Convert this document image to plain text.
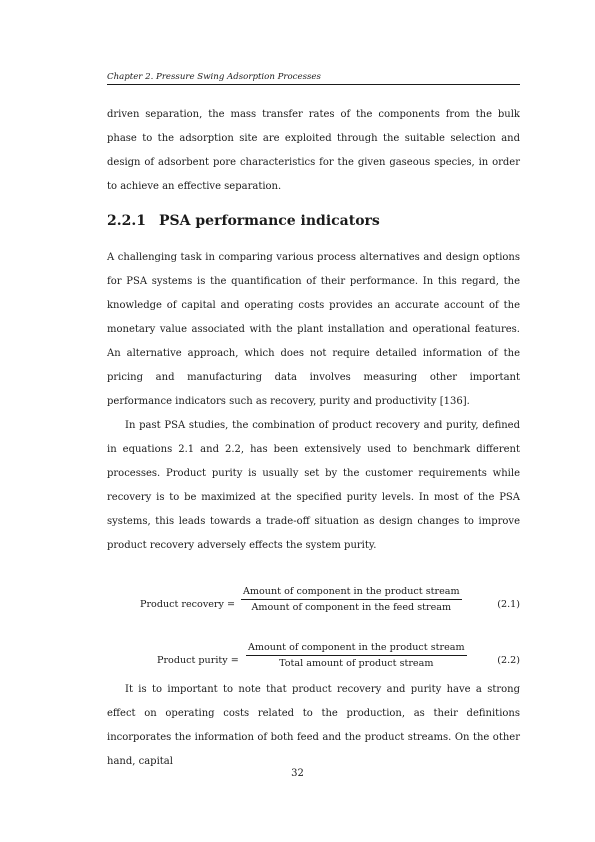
Chapter 2. Pressure Swing Adsorption Processes

driven separation, the mass transfer rates of the components from the bulk phase to the adsorption site are exploited through the suitable selection and design of adsorbent pore characteristics for the given gaseous species, in order to achieve an effective separation.

2.2.1 PSA performance indicators

A challenging task in comparing various process alternatives and design options for PSA systems is the quantification of their performance. In this regard, the knowledge of capital and operating costs provides an accurate account of the monetary value associated with the plant installation and operational features. An alternative approach, which does not require detailed information of the pricing and manufacturing data involves measuring other important performance indicators such as recovery, purity and productivity [136].

In past PSA studies, the combination of product recovery and purity, defined in equations 2.1 and 2.2, has been extensively used to benchmark different processes. Product purity is usually set by the customer requirements while recovery is to be maximized at the specified purity levels. In most of the PSA systems, this leads towards a trade-off situation as design changes to improve product recovery adversely effects the system purity.

Product recovery =
Amount of component in the product stream
Amount of component in the feed stream	(2.1)
Product purity =
Amount of component in the product stream
Total amount of product stream	(2.2)

It is to important to note that product recovery and purity have a strong effect on operating costs related to the production, as their definitions incorporates the information of both feed and the product streams. On the other hand, capital

32
